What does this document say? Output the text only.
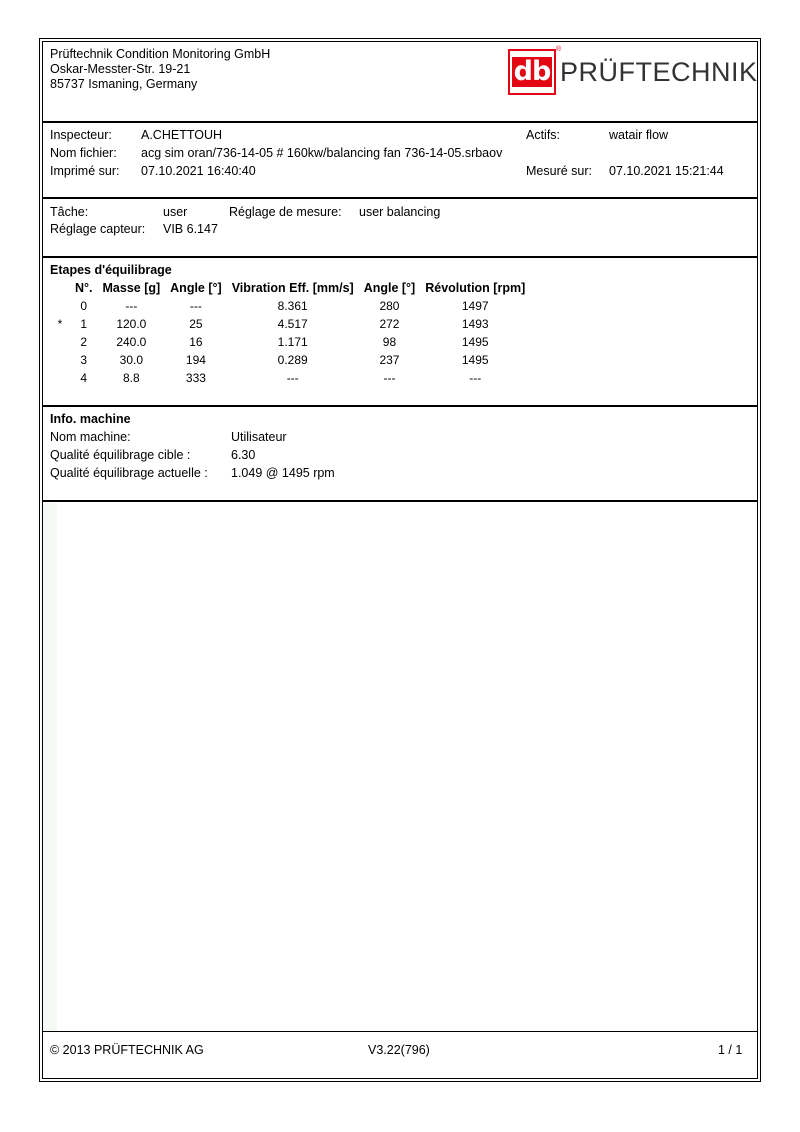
Prüftechnik Condition Monitoring GmbH
Oskar-Messter-Str. 19-21
85737 Ismaning, Germany	db PRÜFTECHNIK
®
Inspecteur: A.CHETTOUH	Actifs:	watair flow
Nom fichier: acg sim oran/736-14-05 # 160kw/balancing fan 736-14-05.srbaov
Imprimé sur: 07.10.2021 16:40:40	Mesuré sur: 07.10.2021 15:21:44
Tâche:	user	Réglage de mesure: user balancing
Réglage capteur: VIB 6.147
Etapes d'équilibrage
	N°.	Masse [g]	Angle [°]	Vibration Eff. [mm/s]	Angle [°]	Révolution [rpm]
	0	---	---	8.361	280	1497
*	1	120.0	25	4.517	272	1493
	2	240.0	16	1.171	98	1495
	3	30.0	194	0.289	237	1495
	4	8.8	333	---	---	---
Info. machine
Nom machine:	Utilisateur
Qualité équilibrage cible :	6.30
Qualité équilibrage actuelle : 1.049 @ 1495 rpm
© 2013 PRÜFTECHNIK AG	V3.22(796)	1 / 1
